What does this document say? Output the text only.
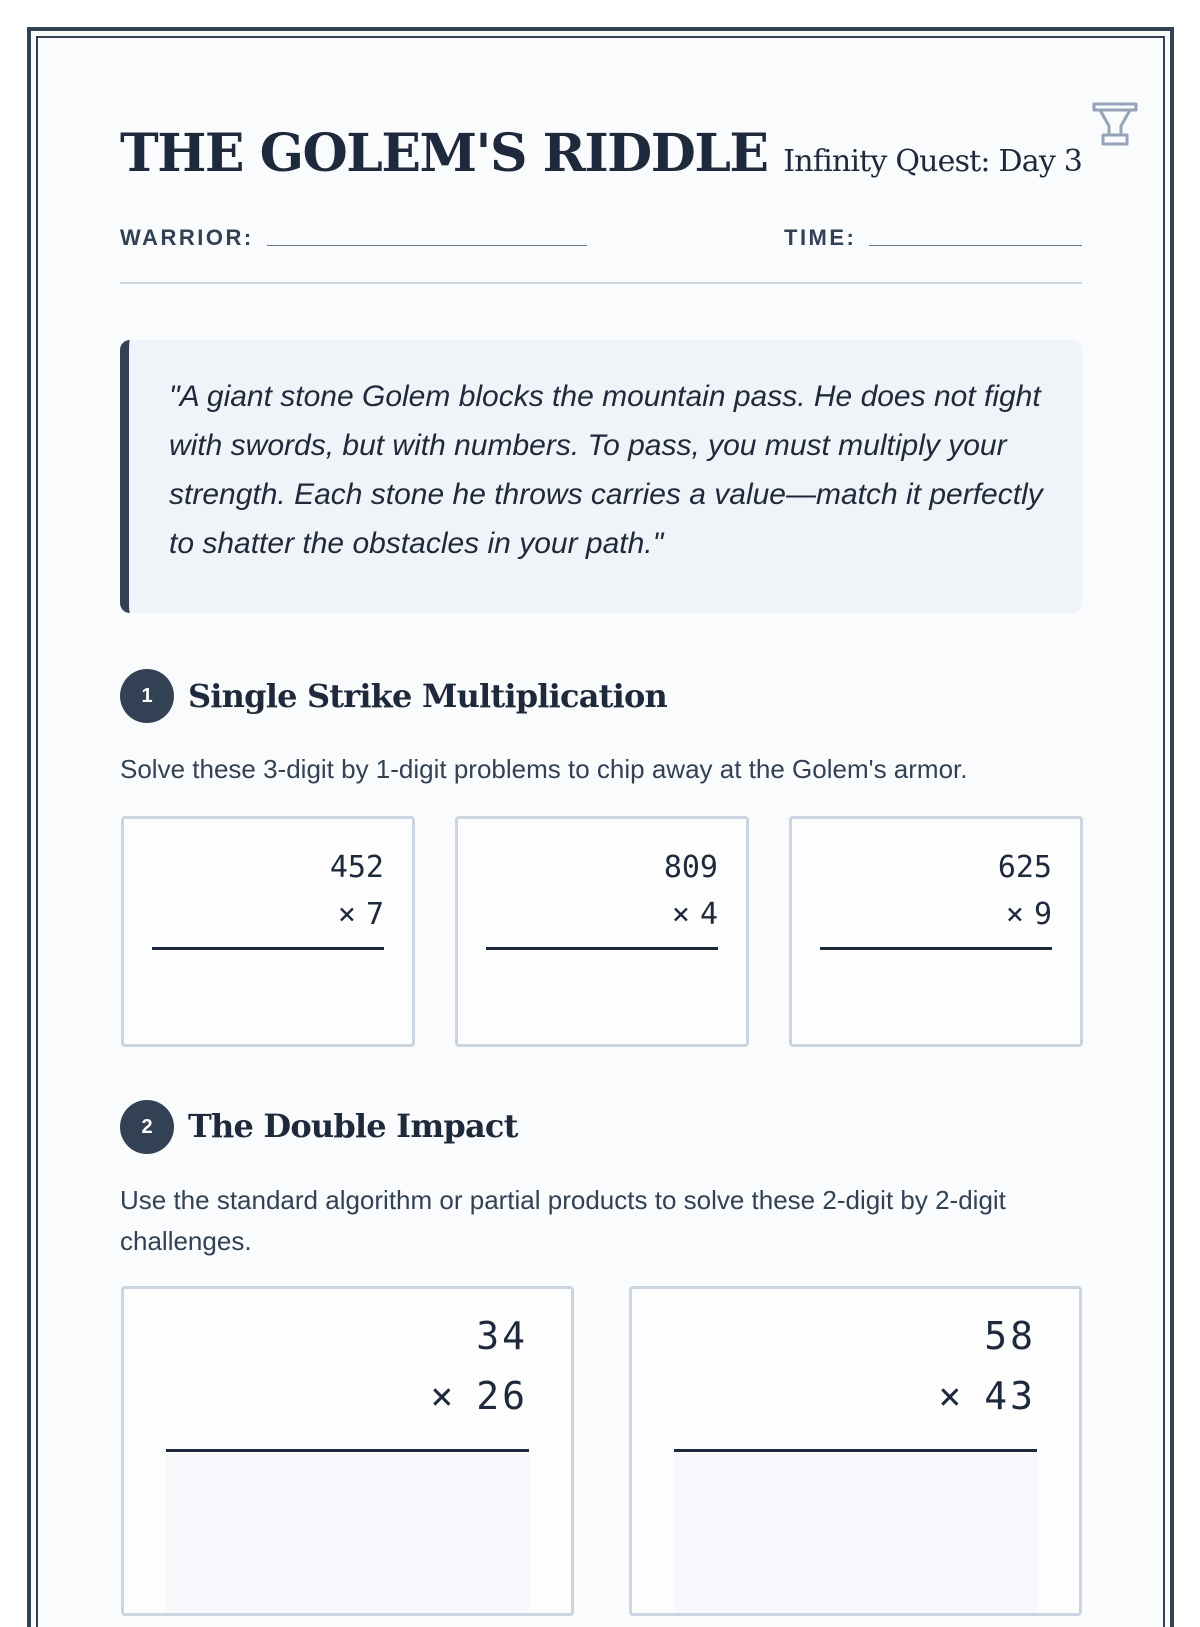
THE GOLEM'S RIDDLE Infinity Quest: Day 3
WARRIOR:	TIME:

"A giant stone Golem blocks the mountain pass. He does not fight with swords, but with numbers. To pass, you must multiply your strength. Each stone he throws carries a value—match it perfectly to shatter the obstacles in your path."

1	Single Strike Multiplication

Solve these 3-digit by 1-digit problems to chip away at the Golem's armor.

452
× 7
809
× 4
625
× 9
2	The Double Impact

Use the standard algorithm or partial products to solve these 2-digit by 2-digit challenges.

34
× 26
58
× 43
